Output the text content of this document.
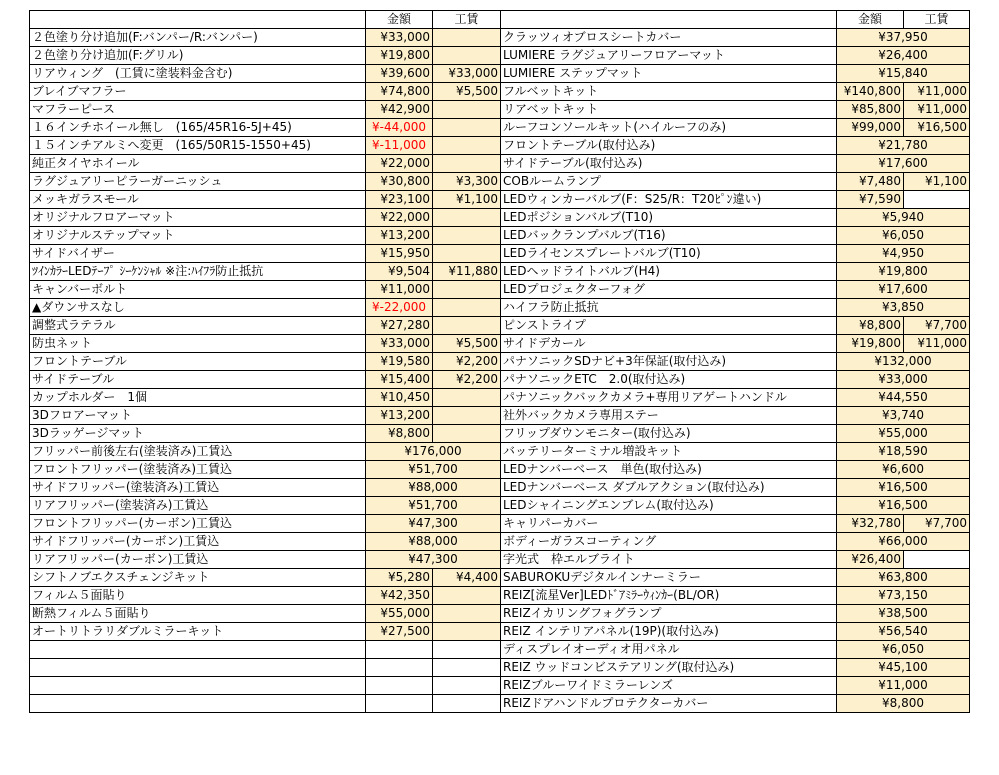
	金額	工賃		金額	工賃
２色塗り分け追加(F:バンパー/R:バンパー)	¥33,000		クラッツィオブロスシートカバー	¥37,950	
２色塗り分け追加(F:グリル)	¥19,800		LUMIERE ラグジュアリーフロアーマット	¥26,400	
リアウィング　(工賃に塗装料金含む)	¥39,600	¥33,000	LUMIERE ステップマット	¥15,840	
ブレイブマフラー	¥74,800	¥5,500	フルベットキット	¥140,800	¥11,000
マフラーピース	¥42,900		リアベットキット	¥85,800	¥11,000
１６インチホイール無し　(165/45R16-5J+45)	¥-44,000		ルーフコンソールキット(ハイルーフのみ)	¥99,000	¥16,500
１５インチアルミへ変更　(165/50R15-1550+45)	¥-11,000		フロントテーブル(取付込み)	¥21,780	
純正タイヤホイール	¥22,000		サイドテーブル(取付込み)	¥17,600	
ラグジュアリーピラーガーニッシュ	¥30,800	¥3,300	COBルームランプ	¥7,480	¥1,100
メッキガラスモール	¥23,100	¥1,100	LEDウィンカーバルブ(F：S25/R：T20ﾋﾟﾝ違い)	¥7,590	
オリジナルフロアーマット	¥22,000		LEDポジションバルブ(T10)	¥5,940	
オリジナルステップマット	¥13,200		LEDバックランプバルブ(T16)	¥6,050	
サイドバイザー	¥15,950		LEDライセンスプレートバルブ(T10)	¥4,950	
ﾂｲﾝｶﾗｰLEDﾃｰﾌﾟ ｼｰｹﾝｼｬﾙ ※注:ﾊｲﾌﾗ防止抵抗	¥9,504	¥11,880	LEDヘッドライトバルブ(H4)	¥19,800	
キャンバーボルト	¥11,000		LEDプロジェクターフォグ	¥17,600	
▲ダウンサスなし	¥-22,000		ハイフラ防止抵抗	¥3,850	
調整式ラテラル	¥27,280		ピンストライプ	¥8,800	¥7,700
防虫ネット	¥33,000	¥5,500	サイドデカール	¥19,800	¥11,000
フロントテーブル	¥19,580	¥2,200	パナソニックSDナビ+3年保証(取付込み)	¥132,000	
サイドテーブル	¥15,400	¥2,200	パナソニックETC　2.0(取付込み)	¥33,000	
カップホルダー　1個	¥10,450		パナソニックバックカメラ+専用リアゲートハンドル	¥44,550	
3Dフロアーマット	¥13,200		社外バックカメラ専用ステー	¥3,740	
3Dラッゲージマット	¥8,800		フリップダウンモニター(取付込み)	¥55,000	
フリッパー前後左右(塗装済み)工賃込	¥176,000		バッテリーターミナル増設キット	¥18,590	
フロントフリッパー(塗装済み)工賃込	¥51,700		LEDナンバーベース　単色(取付込み)	¥6,600	
サイドフリッパー(塗装済み)工賃込	¥88,000		LEDナンバーベース ダブルアクション(取付込み)	¥16,500	
リアフリッパー(塗装済み)工賃込	¥51,700		LEDシャイニングエンブレム(取付込み)	¥16,500	
フロントフリッパー(カーボン)工賃込	¥47,300		キャリパーカバー	¥32,780	¥7,700
サイドフリッパー(カーボン)工賃込	¥88,000		ボディーガラスコーティング	¥66,000	
リアフリッパー(カーボン)工賃込	¥47,300		字光式　枠エルブライト	¥26,400	
シフトノブエクスチェンジキット	¥5,280	¥4,400	SABUROKUデジタルインナーミラー	¥63,800	
フィルム５面貼り	¥42,350		REIZ[流星Ver]LEDﾄﾞｱﾐﾗｰｳｨﾝｶｰ(BL/OR)	¥73,150	
断熱フィルム５面貼り	¥55,000		REIZイカリングフォグランプ	¥38,500	
オートリトラリダブルミラーキット	¥27,500		REIZ インテリアパネル(19P)(取付込み)	¥56,540	
			ディスプレイオーディオ用パネル	¥6,050	
			REIZ ウッドコンビステアリング(取付込み)	¥45,100	
			REIZブルーワイドミラーレンズ	¥11,000	
			REIZドアハンドルプロテクターカバー	¥8,800	
